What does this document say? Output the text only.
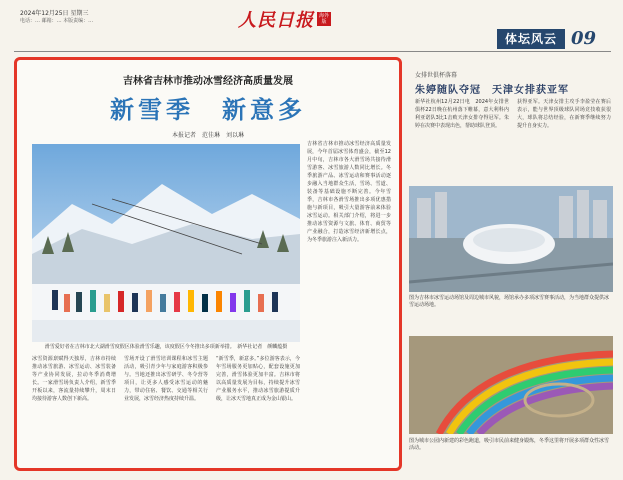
2024年12月25日 星期三
电话：… 邮箱：… 本版责编：…	人民日报	海外版
体坛风云 09
吉林省吉林市推动冰雪经济高质量发展
新雪季　新意多
本报记者　范佳琳　刘以琳
滑雪爱好者在吉林市北大湖滑雪度假区体验滑雪乐趣，该度假区今冬推出多项新举措。　新华社记者　颜麟蕴摄
吉林省吉林市推动冰雪经济高质量发展，今年首届冰雪体育盛会，截至12月中旬，吉林市各大滑雪场共接待滑雪游客、冰雪旅游人数同比增长。冬季旅游产品、冰雪运动和赛事活动逐步融入当地群众生活，雪场、雪道、装备等基础设施不断完善。今年雪季，吉林市各滑雪场推出多项优惠措施与新项目，吸引大量游客前来体验冰雪运动。相关部门介绍，将进一步推动冰雪资源与文旅、体育、商贸等产业融合，打造冰雪经济新增长点，为冬季旅游注入新活力。
冰雪资源禀赋得天独厚，吉林市持续推动冰雪旅游、冰雪运动、冰雪装备等产业协同发展，拉动冬季消费增长。一家滑雪场负责人介绍，新雪季开板以来，客流量持续攀升，周末日均接待游客人数创下新高。
雪场开设了滑雪培训课程和冰雪主题活动，吸引青少年与家庭游客积极参与。当地还推出冰雪研学、冬令营等项目，让更多人感受冰雪运动的魅力，带动住宿、餐饮、交通等相关行业发展，冰雪经济热度持续升温。
“新雪季，新意多。”多位游客表示，今年雪场服务更加贴心，配套设施更加完善，滑雪体验更加丰富。吉林市将以高质量发展为目标，持续提升冰雪产业服务水平，推动冰雪旅游提质升级，让冰天雪地真正成为金山银山。
女排世俱杯落幕
朱婷随队夺冠　天津女排获亚军
新华社杭州12月22日电　2024年女排世俱杯22日晚在杭州落下帷幕，意大利科内利亚诺队3比1击败天津女排夺得冠军。朱婷在决赛中表现出色，帮助球队登顶。
获得亚军。天津女排主攻手李盈莹在赛后表示，能与世界顶级球队同场竞技收获很大，球队将总结经验，在新赛季继续努力提升自身实力。
图为吉林市冰雪运动场馆及周边城市风貌，场馆承办多项冰雪赛事活动，为当地群众提供冰雪运动场地。
图为城市公园内新建的彩色跑道，吸引市民前来健身锻炼，冬季这里将开展多项群众性冰雪活动。
